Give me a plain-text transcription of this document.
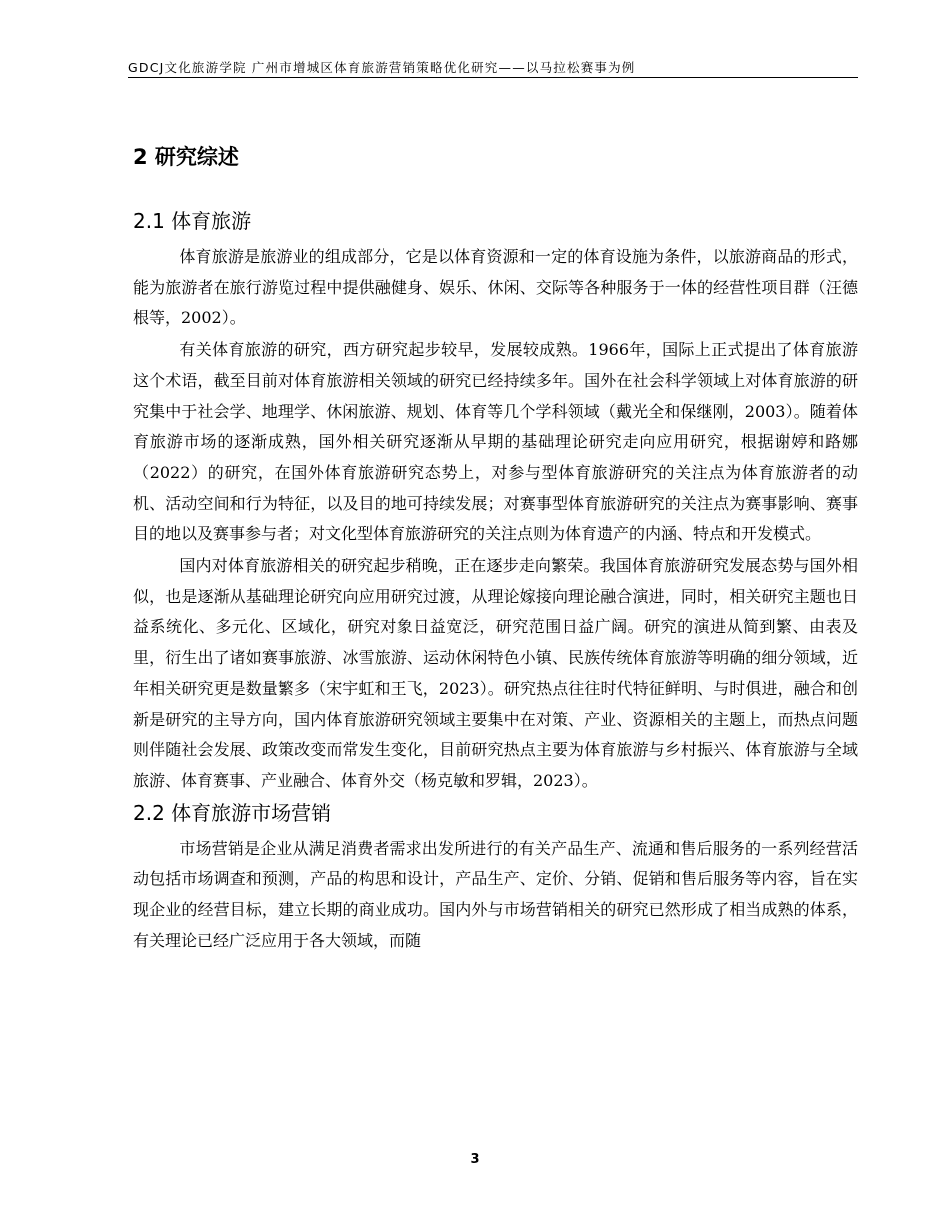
GDCJ文化旅游学院 广州市增城区体育旅游营销策略优化研究——以马拉松赛事为例
2 研究综述
2.1 体育旅游

体育旅游是旅游业的组成部分，它是以体育资源和一定的体育设施为条件，以旅游商品的形式，能为旅游者在旅行游览过程中提供融健身、娱乐、休闲、交际等各种服务于一体的经营性项目群（汪德根等，2002）。

有关体育旅游的研究，西方研究起步较早，发展较成熟。1966年，国际上正式提出了体育旅游这个术语，截至目前对体育旅游相关领域的研究已经持续多年。国外在社会科学领域上对体育旅游的研究集中于社会学、地理学、休闲旅游、规划、体育等几个学科领域（戴光全和保继刚，2003）。随着体育旅游市场的逐渐成熟，国外相关研究逐渐从早期的基础理论研究走向应用研究，根据谢婷和路娜（2022）的研究，在国外体育旅游研究态势上，对参与型体育旅游研究的关注点为体育旅游者的动机、活动空间和行为特征，以及目的地可持续发展；对赛事型体育旅游研究的关注点为赛事影响、赛事目的地以及赛事参与者；对文化型体育旅游研究的关注点则为体育遗产的内涵、特点和开发模式。

国内对体育旅游相关的研究起步稍晚，正在逐步走向繁荣。我国体育旅游研究发展态势与国外相似，也是逐渐从基础理论研究向应用研究过渡，从理论嫁接向理论融合演进，同时，相关研究主题也日益系统化、多元化、区域化，研究对象日益宽泛，研究范围日益广阔。研究的演进从简到繁、由表及里，衍生出了诸如赛事旅游、冰雪旅游、运动休闲特色小镇、民族传统体育旅游等明确的细分领域，近年相关研究更是数量繁多（宋宇虹和王飞，2023）。研究热点往往时代特征鲜明、与时俱进，融合和创新是研究的主导方向，国内体育旅游研究领域主要集中在对策、产业、资源相关的主题上，而热点问题则伴随社会发展、政策改变而常发生变化，目前研究热点主要为体育旅游与乡村振兴、体育旅游与全域旅游、体育赛事、产业融合、体育外交（杨克敏和罗辑，2023）。

2.2 体育旅游市场营销

市场营销是企业从满足消费者需求出发所进行的有关产品生产、流通和售后服务的一系列经营活动包括市场调查和预测，产品的构思和设计，产品生产、定价、分销、促销和售后服务等内容，旨在实现企业的经营目标，建立长期的商业成功。国内外与市场营销相关的研究已然形成了相当成熟的体系，有关理论已经广泛应用于各大领域，而随

3
